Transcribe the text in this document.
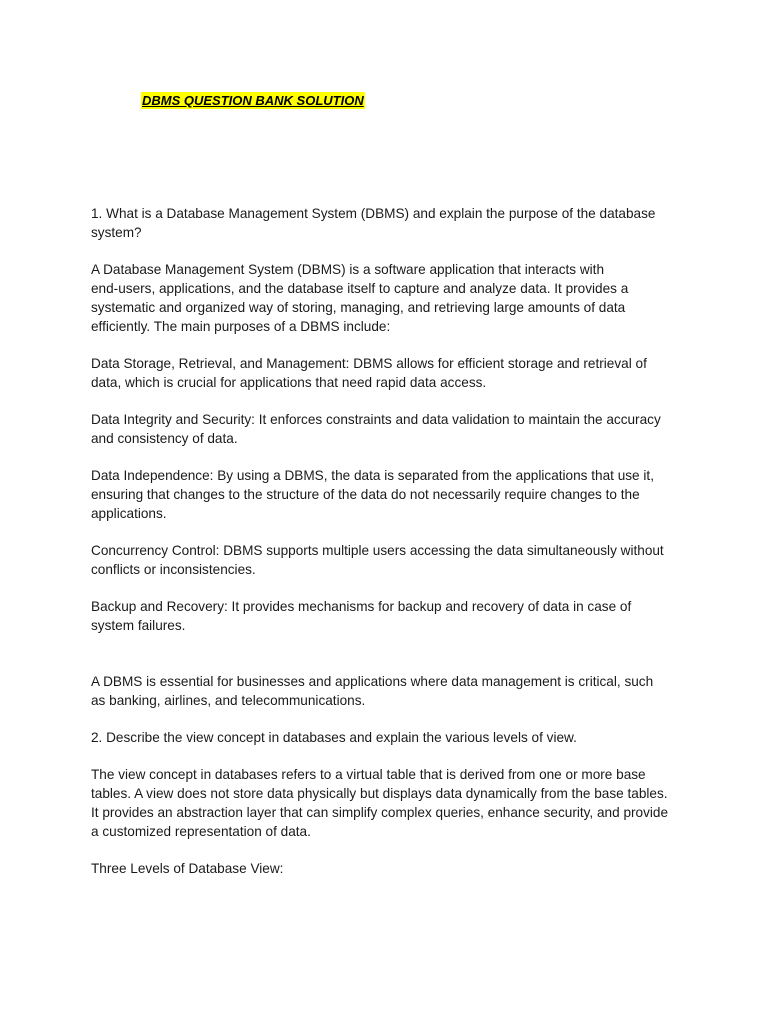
DBMS QUESTION BANK SOLUTION

1. What is a Database Management System (DBMS) and explain the purpose of the database
system?

A Database Management System (DBMS) is a software application that interacts with
end-users, applications, and the database itself to capture and analyze data. It provides a
systematic and organized way of storing, managing, and retrieving large amounts of data
efficiently. The main purposes of a DBMS include:

Data Storage, Retrieval, and Management: DBMS allows for efficient storage and retrieval of
data, which is crucial for applications that need rapid data access.

Data Integrity and Security: It enforces constraints and data validation to maintain the accuracy
and consistency of data.

Data Independence: By using a DBMS, the data is separated from the applications that use it,
ensuring that changes to the structure of the data do not necessarily require changes to the
applications.

Concurrency Control: DBMS supports multiple users accessing the data simultaneously without
conflicts or inconsistencies.

Backup and Recovery: It provides mechanisms for backup and recovery of data in case of
system failures.

A DBMS is essential for businesses and applications where data management is critical, such
as banking, airlines, and telecommunications.

2. Describe the view concept in databases and explain the various levels of view.

The view concept in databases refers to a virtual table that is derived from one or more base
tables. A view does not store data physically but displays data dynamically from the base tables.
It provides an abstraction layer that can simplify complex queries, enhance security, and provide
a customized representation of data.

Three Levels of Database View:
